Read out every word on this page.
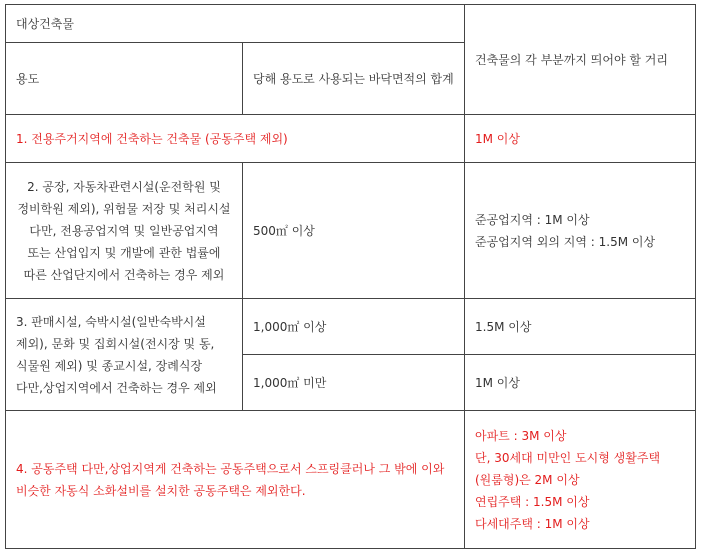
대상건축물		건축물의 각 부분까지 띄어야 할 거리
용도	당해 용도로 사용되는 바닥면적의 합계	
1. 전용주거지역에 건축하는 건축물 (공동주택 제외)		1M 이상
2. 공장, 자동차관련시설(운전학원 및 정비학원 제외), 위험물 저장 및 처리시설 다만, 전용공업지역 및 일반공업지역 또는 산업입지 및 개발에 관한 법률에 따른 산업단지에서 건축하는 경우 제외	500㎡ 이상	준공업지역 : 1M 이상
준공업지역 외의 지역 : 1.5M 이상

3. 판매시설, 숙박시설(일반숙박시설 제외), 문화 및 집회시설(전시장 및 동,식물원 제외) 및 종교시설, 장례식장 다만,상업지역에서 건축하는 경우 제외	1,000㎡ 이상	1.5M 이상
	1,000㎡ 미만	1M 이상
4. 공동주택 다만,상업지역게 건축하는 공동주택으로서 스프링클러나 그 밖에 이와 비슷한 자동식 소화설비를 설치한 공동주택은 제외한다.		아파트 : 3M 이상
단, 30세대 미만인 도시형 생활주택(원룸형)은 2M 이상
연립주택 : 1.5M 이상
다세대주택 : 1M 이상
